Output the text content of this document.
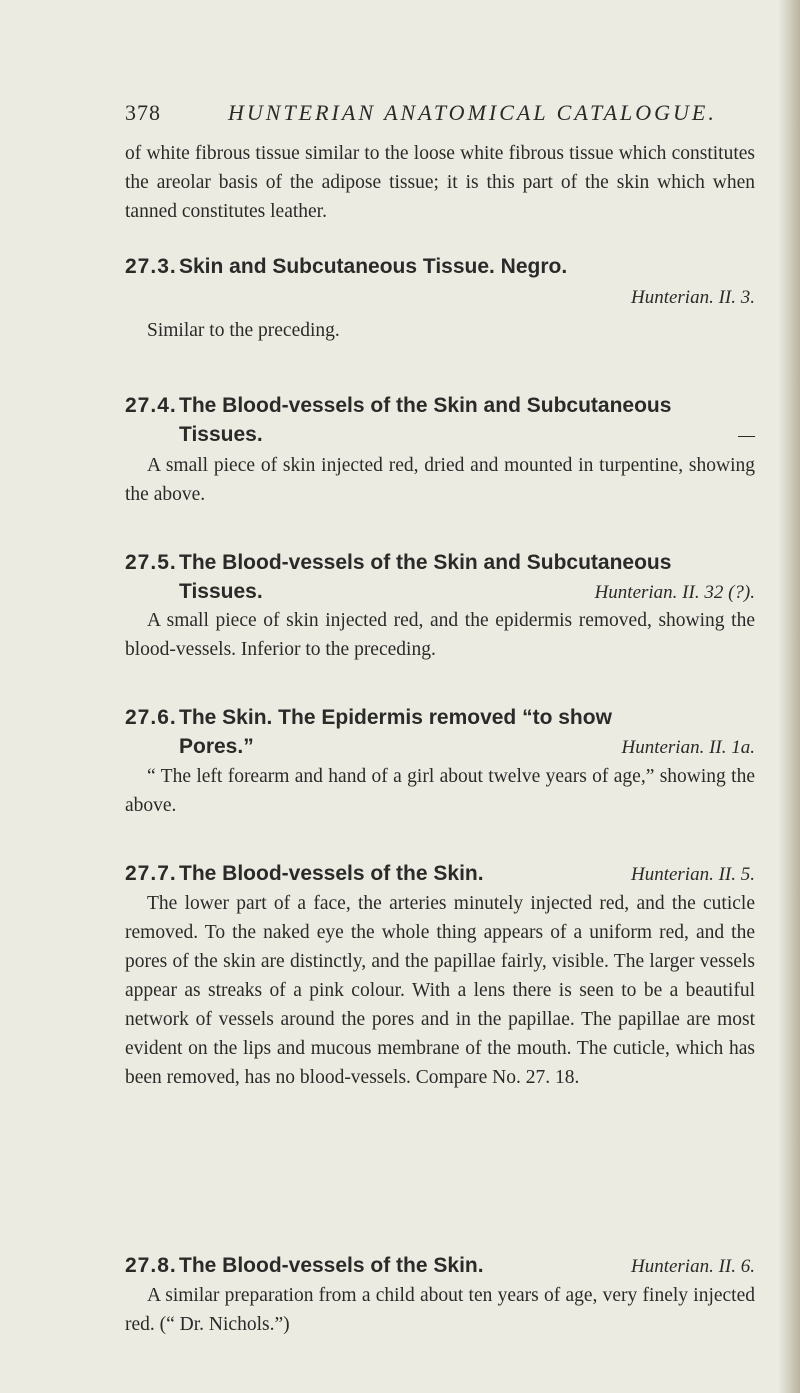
378	HUNTERIAN ANATOMICAL CATALOGUE.

of white fibrous tissue similar to the loose white fibrous tissue which constitutes the areolar basis of the adipose tissue; it is this part of the skin which when tanned constitutes leather.

27.3. Skin and Subcutaneous Tissue. Negro.
Hunterian. II. 3.

Similar to the preceding.

27.4. The Blood-vessels of the Skin and Subcutaneous
Tissues.	—

A small piece of skin injected red, dried and mounted in turpentine, showing the above.

27.5. The Blood-vessels of the Skin and Subcutaneous
Tissues.	Hunterian. II. 32 (?).

A small piece of skin injected red, and the epidermis removed, showing the blood-vessels. Inferior to the preceding.

27.6. The Skin. The Epidermis removed “to show
Pores.”	Hunterian. II. 1a.

“ The left forearm and hand of a girl about twelve years of age,” showing the above.

27.7. The Blood-vessels of the Skin.	Hunterian. II. 5.

The lower part of a face, the arteries minutely injected red, and the cuticle removed. To the naked eye the whole thing appears of a uniform red, and the pores of the skin are distinctly, and the papillae fairly, visible. The larger vessels appear as streaks of a pink colour. With a lens there is seen to be a beautiful network of vessels around the pores and in the papillae. The papillae are most evident on the lips and mucous membrane of the mouth. The cuticle, which has been removed, has no blood-vessels. Compare No. 27. 18.

27.8. The Blood-vessels of the Skin.	Hunterian. II. 6.

A similar preparation from a child about ten years of age, very finely injected red. (“ Dr. Nichols.”)
